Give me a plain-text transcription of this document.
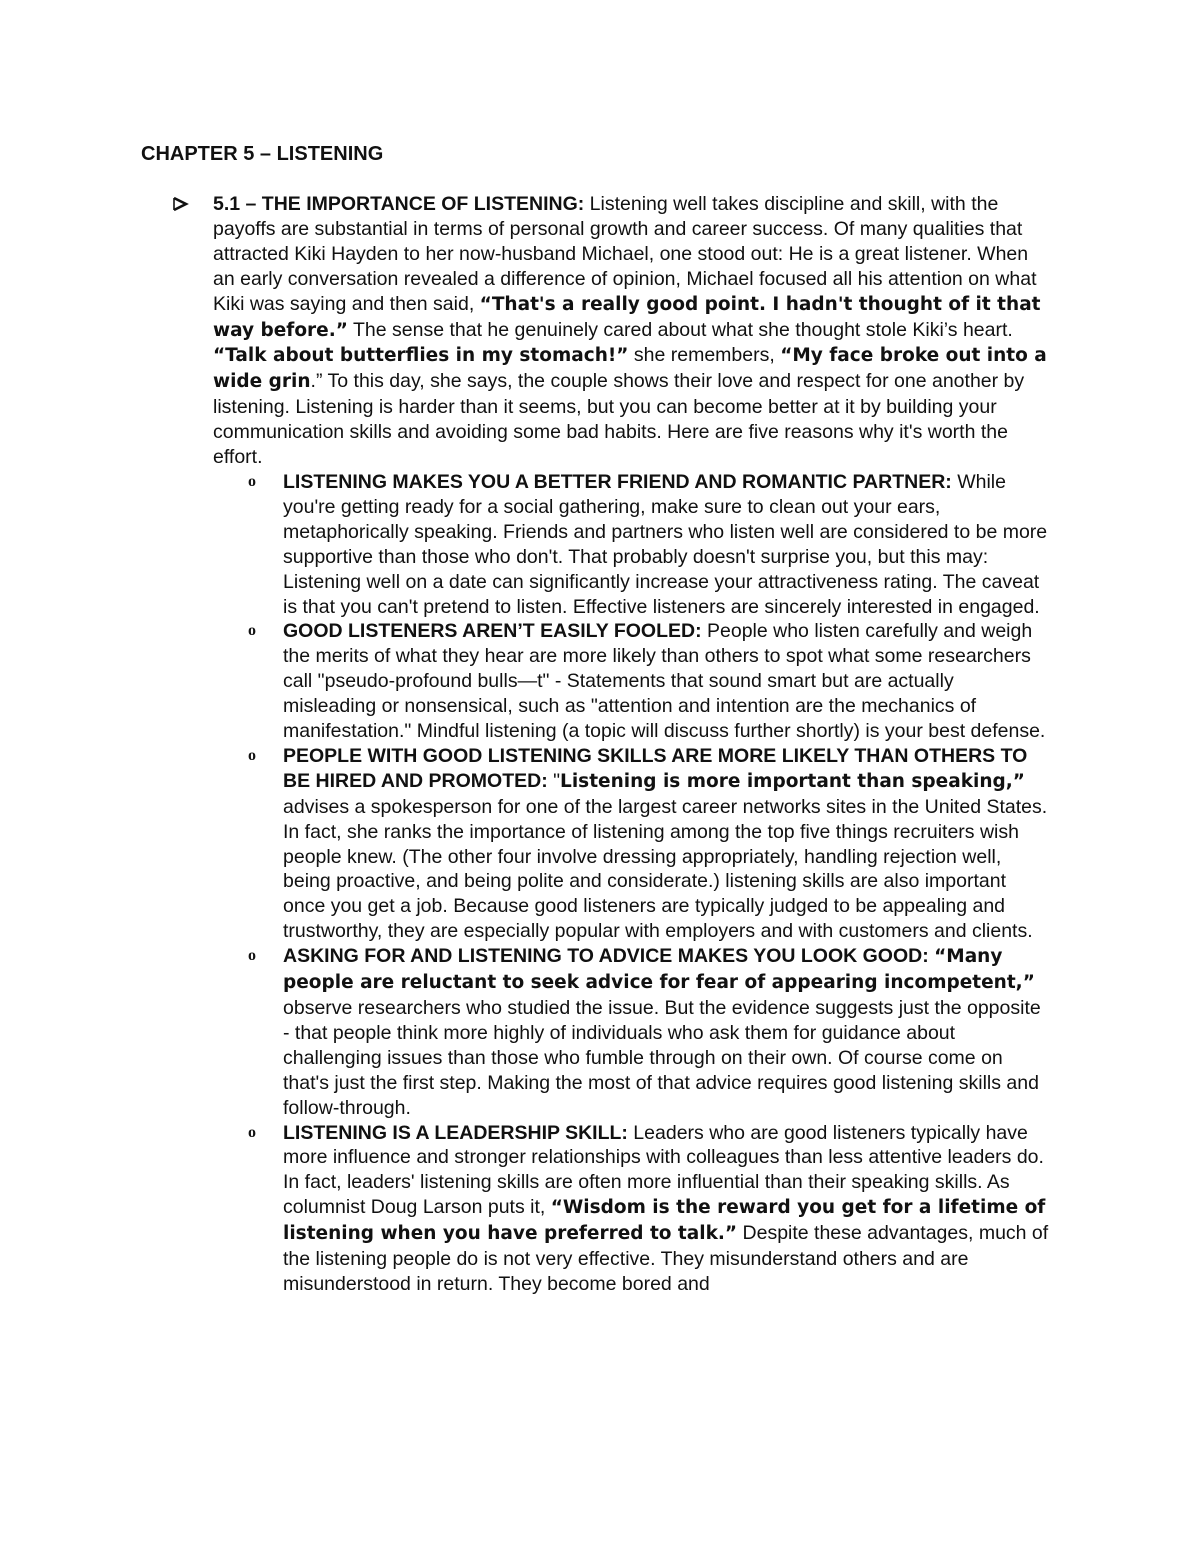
CHAPTER 5 – LISTENING
5.1 – THE IMPORTANCE OF LISTENING: Listening well takes discipline and skill, with the payoffs are substantial in terms of personal growth and career success. Of many qualities that attracted Kiki Hayden to her now-husband Michael, one stood out: He is a great listener. When an early conversation revealed a difference of opinion, Michael focused all his attention on what Kiki was saying and then said, “That's a really good point. I hadn't thought of it that way before.” The sense that he genuinely cared about what she thought stole Kiki’s heart. “Talk about butterflies in my stomach!” she remembers, “My face broke out into a wide grin.” To this day, she says, the couple shows their love and respect for one another by listening. Listening is harder than it seems, but you can become better at it by building your communication skills and avoiding some bad habits. Here are five reasons why it's worth the effort.
o LISTENING MAKES YOU A BETTER FRIEND AND ROMANTIC PARTNER: While you're getting ready for a social gathering, make sure to clean out your ears, metaphorically speaking. Friends and partners who listen well are considered to be more supportive than those who don't. That probably doesn't surprise you, but this may: Listening well on a date can significantly increase your attractiveness rating. The caveat is that you can't pretend to listen. Effective listeners are sincerely interested in engaged.
o GOOD LISTENERS AREN’T EASILY FOOLED: People who listen carefully and weigh the merits of what they hear are more likely than others to spot what some researchers call "pseudo-profound bulls—t" - Statements that sound smart but are actually misleading or nonsensical, such as "attention and intention are the mechanics of manifestation." Mindful listening (a topic will discuss further shortly) is your best defense.
o PEOPLE WITH GOOD LISTENING SKILLS ARE MORE LIKELY THAN OTHERS TO BE HIRED AND PROMOTED: "Listening is more important than speaking,” advises a spokesperson for one of the largest career networks sites in the United States. In fact, she ranks the importance of listening among the top five things recruiters wish people knew. (The other four involve dressing appropriately, handling rejection well, being proactive, and being polite and considerate.) listening skills are also important once you get a job. Because good listeners are typically judged to be appealing and trustworthy, they are especially popular with employers and with customers and clients.
o ASKING FOR AND LISTENING TO ADVICE MAKES YOU LOOK GOOD: “Many people are reluctant to seek advice for fear of appearing incompetent,” observe researchers who studied the issue. But the evidence suggests just the opposite - that people think more highly of individuals who ask them for guidance about challenging issues than those who fumble through on their own. Of course come on that's just the first step. Making the most of that advice requires good listening skills and follow-through.
o LISTENING IS A LEADERSHIP SKILL: Leaders who are good listeners typically have more influence and stronger relationships with colleagues than less attentive leaders do. In fact, leaders' listening skills are often more influential than their speaking skills. As columnist Doug Larson puts it, “Wisdom is the reward you get for a lifetime of listening when you have preferred to talk.” Despite these advantages, much of the listening people do is not very effective. They misunderstand others and are misunderstood in return. They become bored and
